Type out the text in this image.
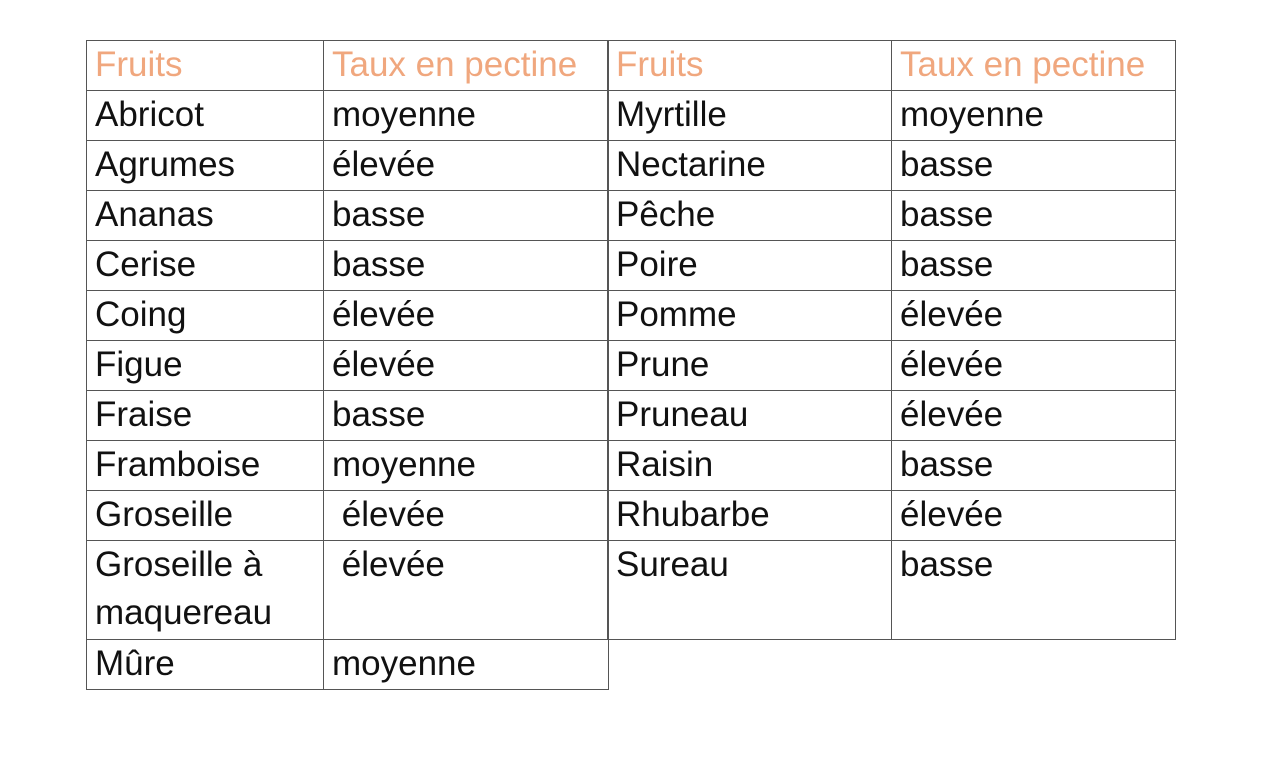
Fruits	Taux en pectine
Abricot	moyenne
Agrumes	élevée
Ananas	basse
Cerise	basse
Coing	élevée
Figue	élevée
Fraise	basse
Framboise	moyenne
Groseille	élevée
Groseille à maquereau	élevée
Mûre	moyenne
Fruits	Taux en pectine
Myrtille	moyenne
Nectarine	basse
Pêche	basse
Poire	basse
Pomme	élevée
Prune	élevée
Pruneau	élevée
Raisin	basse
Rhubarbe	élevée
Sureau	basse
